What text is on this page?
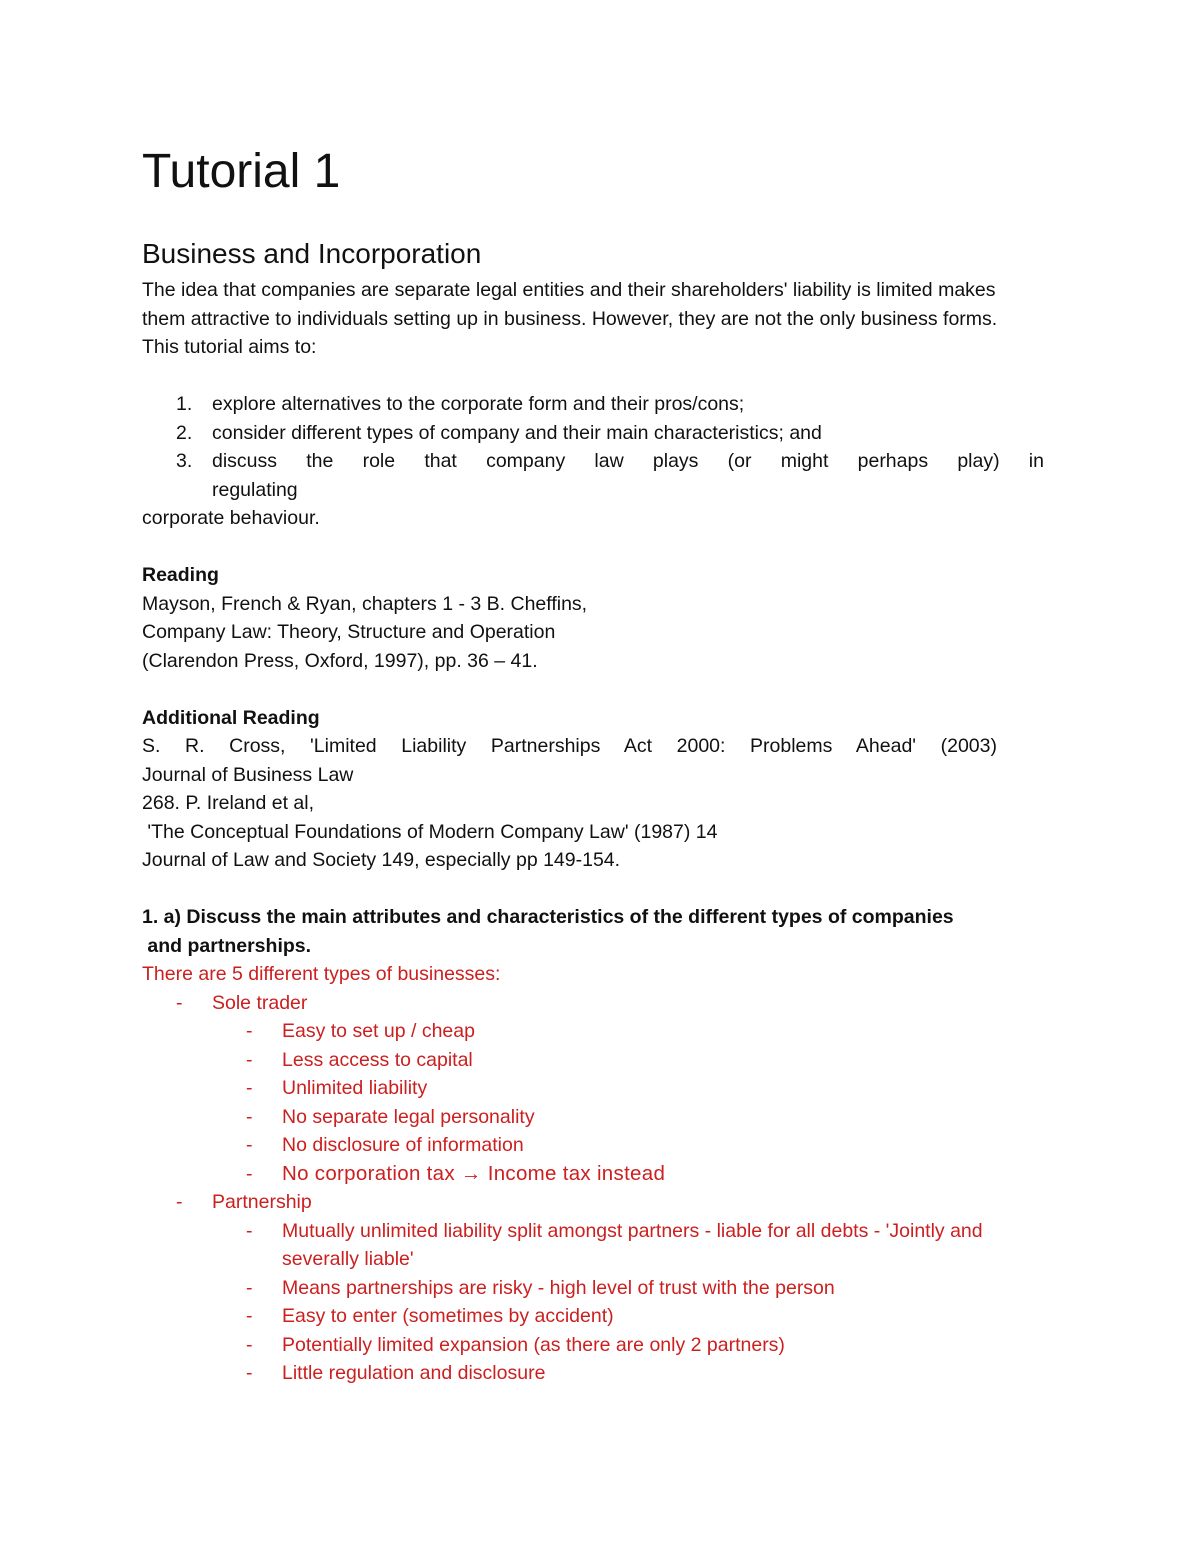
Tutorial 1
Business and Incorporation

The idea that companies are separate legal entities and their shareholders' liability is limited makes them attractive to individuals setting up in business. However, they are not the only business forms. This tutorial aims to:

1. explore alternatives to the corporate form and their pros/cons;
2. consider different types of company and their main characteristics; and
3. discuss the role that company law plays (or might perhaps play) in
regulating

corporate behaviour.

Reading

Mayson, French & Ryan, chapters 1 - 3 B. Cheffins,

Company Law: Theory, Structure and Operation

(Clarendon Press, Oxford, 1997), pp. 36 – 41.

Additional Reading

S. R. Cross, 'Limited Liability Partnerships Act 2000: Problems Ahead' (2003)

Journal of Business Law

268. P. Ireland et al,

'The Conceptual Foundations of Modern Company Law' (1987) 14

Journal of Law and Society 149, especially pp 149-154.

1. a) Discuss the main attributes and characteristics of the different types of companies

and partnerships.

There are 5 different types of businesses:

- Sole trader
- Easy to set up / cheap
- Less access to capital
- Unlimited liability
- No separate legal personality
- No disclosure of information
- No corporation tax → Income tax instead
- Partnership
- Mutually unlimited liability split amongst partners - liable for all debts - 'Jointly and severally liable'
- Means partnerships are risky - high level of trust with the person
- Easy to enter (sometimes by accident)
- Potentially limited expansion (as there are only 2 partners)
- Little regulation and disclosure
